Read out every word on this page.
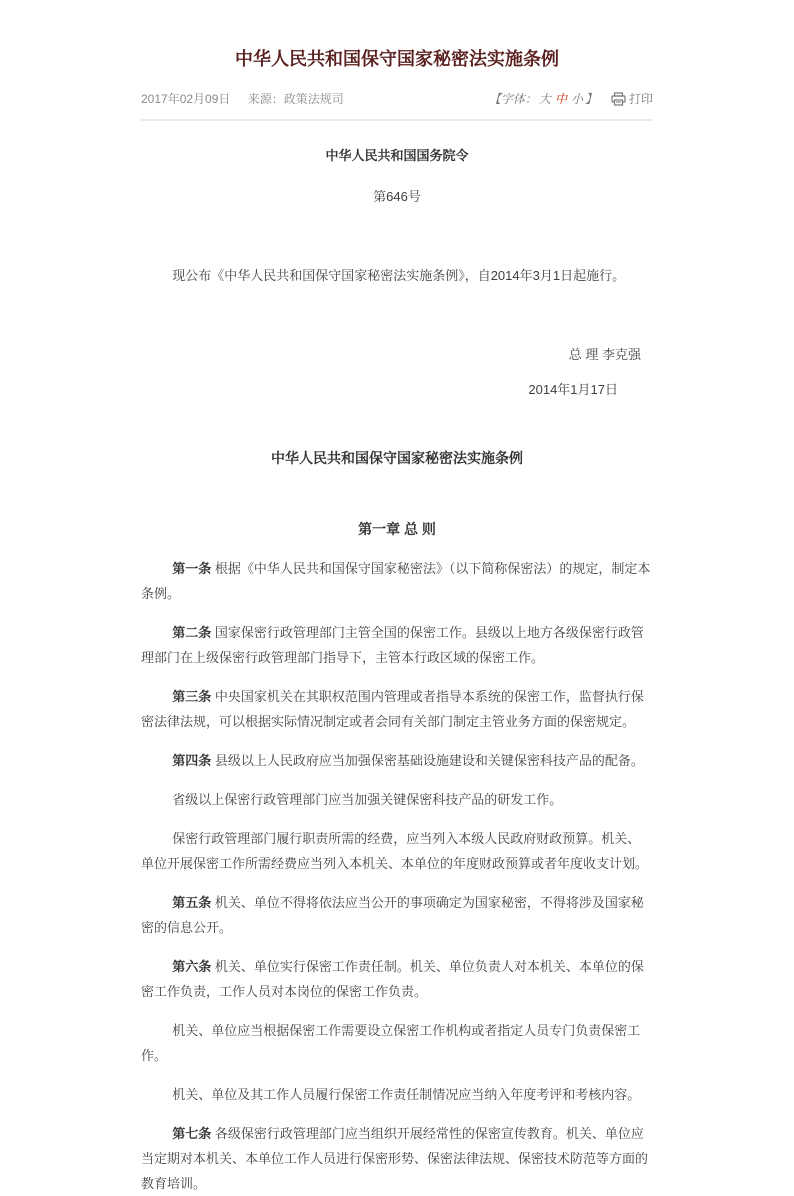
中华人民共和国保守国家秘密法实施条例
2017年02月09日 来源：政策法规司	【字体： 大 中 小 】	打印
中华人民共和国国务院令
第646号
现公布《中华人民共和国保守国家秘密法实施条例》，自2014年3月1日起施行。
总 理 李克强
2014年1月17日
中华人民共和国保守国家秘密法实施条例
第一章 总 则

第一条 根据《中华人民共和国保守国家秘密法》（以下简称保密法）的规定，制定本条例。

第二条 国家保密行政管理部门主管全国的保密工作。县级以上地方各级保密行政管理部门在上级保密行政管理部门指导下，主管本行政区域的保密工作。

第三条 中央国家机关在其职权范围内管理或者指导本系统的保密工作，监督执行保密法律法规，可以根据实际情况制定或者会同有关部门制定主管业务方面的保密规定。

第四条 县级以上人民政府应当加强保密基础设施建设和关键保密科技产品的配备。

省级以上保密行政管理部门应当加强关键保密科技产品的研发工作。

保密行政管理部门履行职责所需的经费，应当列入本级人民政府财政预算。机关、单位开展保密工作所需经费应当列入本机关、本单位的年度财政预算或者年度收支计划。

第五条 机关、单位不得将依法应当公开的事项确定为国家秘密，不得将涉及国家秘密的信息公开。

第六条 机关、单位实行保密工作责任制。机关、单位负责人对本机关、本单位的保密工作负责，工作人员对本岗位的保密工作负责。

机关、单位应当根据保密工作需要设立保密工作机构或者指定人员专门负责保密工作。

机关、单位及其工作人员履行保密工作责任制情况应当纳入年度考评和考核内容。

第七条 各级保密行政管理部门应当组织开展经常性的保密宣传教育。机关、单位应当定期对本机关、本单位工作人员进行保密形势、保密法律法规、保密技术防范等方面的教育培训。
